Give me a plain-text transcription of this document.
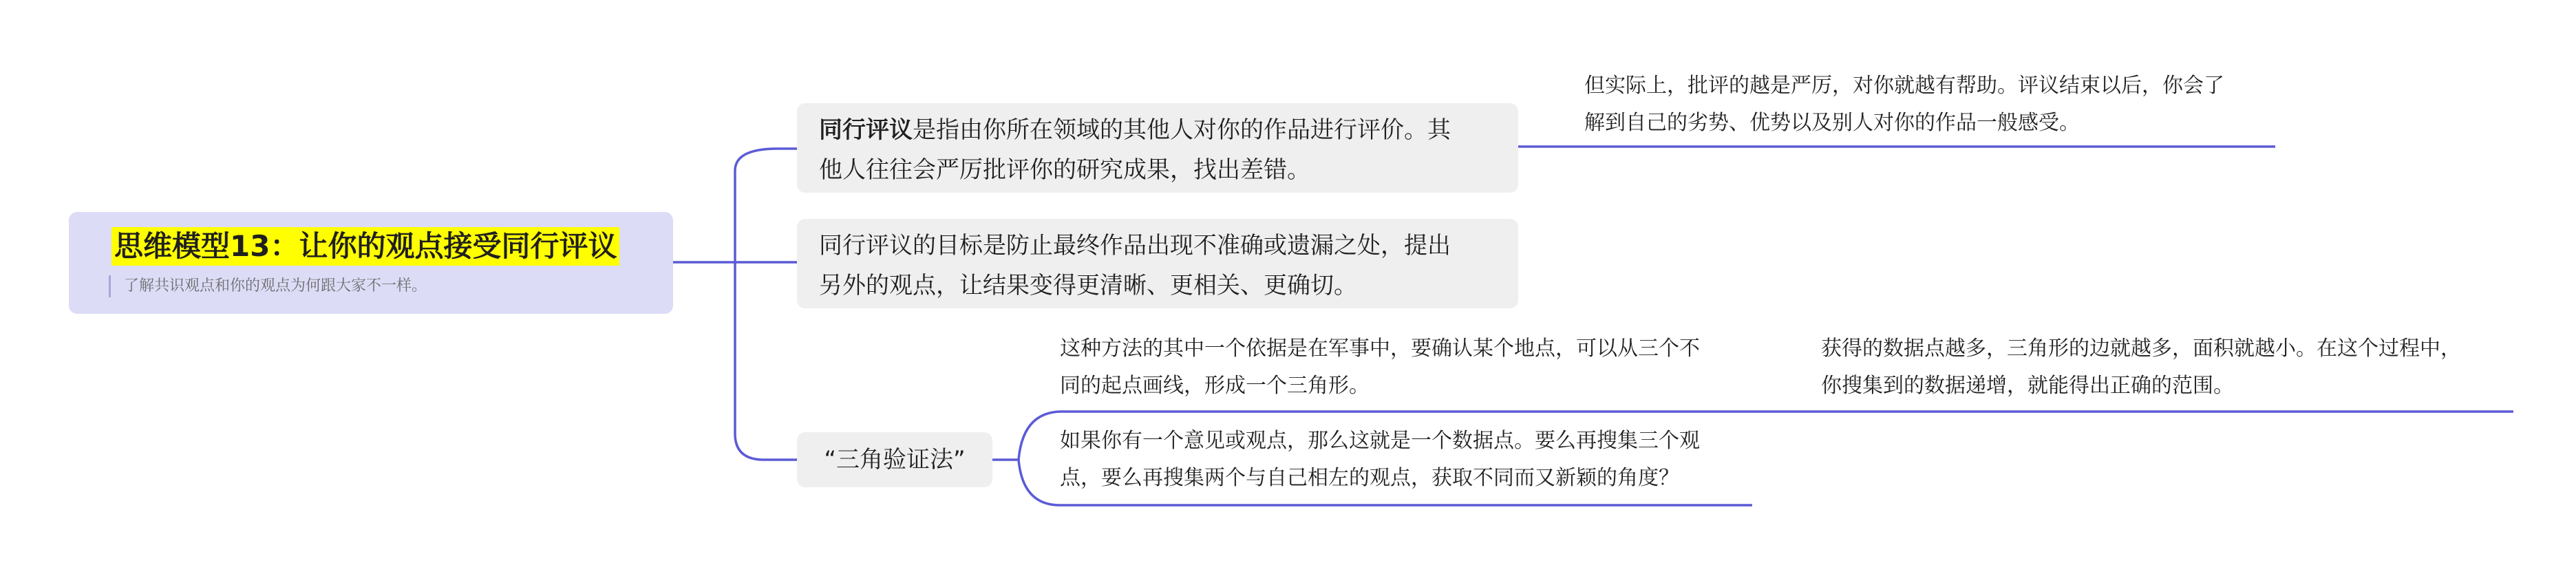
思维模型13：让你的观点接受同行评议
了解共识观点和你的观点为何跟大家不一样。
同行评议是指由你所在领域的其他人对你的作品进行评价。其
他人往往会严厉批评你的研究成果，找出差错。
但实际上，批评的越是严厉，对你就越有帮助。评议结束以后，你会了
解到自己的劣势、优势以及别人对你的作品一般感受。
同行评议的目标是防止最终作品出现不准确或遗漏之处，提出
另外的观点，让结果变得更清晰、更相关、更确切。
“三角验证法”
这种方法的其中一个依据是在军事中，要确认某个地点，可以从三个不
同的起点画线，形成一个三角形。
如果你有一个意见或观点，那么这就是一个数据点。要么再搜集三个观
点，要么再搜集两个与自己相左的观点，获取不同而又新颖的角度？
获得的数据点越多，三角形的边就越多，面积就越小。在这个过程中，
你搜集到的数据递增，就能得出正确的范围。
